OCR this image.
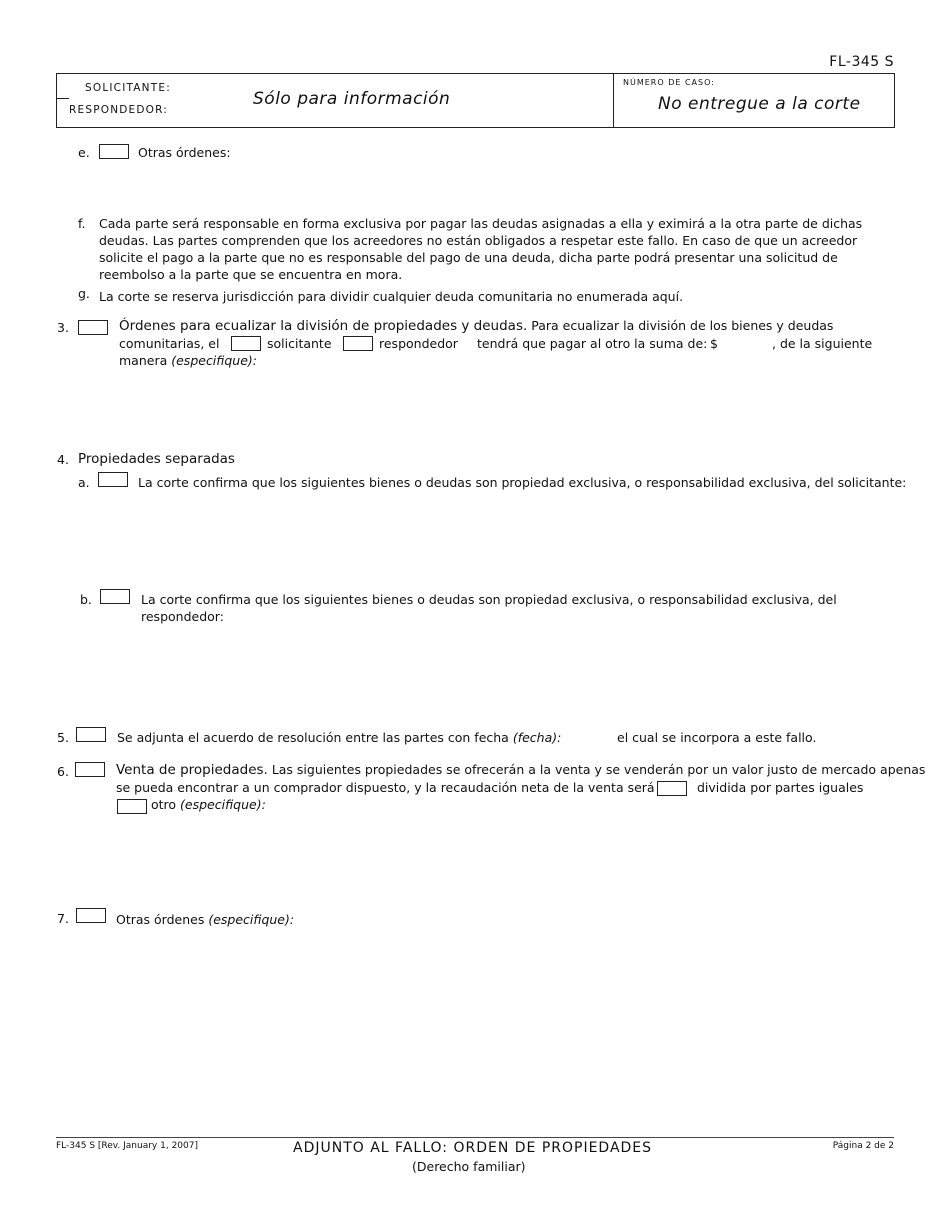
FL-345 S
SOLICITANTE:
RESPONDEDOR:
Sólo para información
NÚMERO DE CASO:
No entregue a la corte
e.	Otras órdenes:
f. Cada parte será responsable en forma exclusiva por pagar las deudas asignadas a ella y eximirá a la otra parte de dichas
deudas. Las partes comprenden que los acreedores no están obligados a respetar este fallo. En caso de que un acreedor
solicite el pago a la parte que no es responsable del pago de una deuda, dicha parte podrá presentar una solicitud de
reembolso a la parte que se encuentra en mora.
g. La corte se reserva jurisdicción para dividir cualquier deuda comunitaria no enumerada aquí.
3.	Órdenes para ecualizar la división de propiedades y deudas. Para ecualizar la división de los bienes y deudas
comunitarias, el	solicitante	respondedor tendrá que pagar al otro la suma de: $	, de la siguiente
manera (especifique):
4. Propiedades separadas
a.	La corte confirma que los siguientes bienes o deudas son propiedad exclusiva, o responsabilidad exclusiva, del solicitante:
b.	La corte confirma que los siguientes bienes o deudas son propiedad exclusiva, o responsabilidad exclusiva, del
respondedor:
5.	Se adjunta el acuerdo de resolución entre las partes con fecha (fecha):	el cual se incorpora a este fallo.
6.	Venta de propiedades. Las siguientes propiedades se ofrecerán a la venta y se venderán por un valor justo de mercado apenas
se pueda encontrar a un comprador dispuesto, y la recaudación neta de la venta será	dividida por partes iguales
otro (especifique):
7.	Otras órdenes (especifique):
FL-345 S [Rev. January 1, 2007]	ADJUNTO AL FALLO: ORDEN DE PROPIEDADES
(Derecho familiar)
Página 2 de 2
